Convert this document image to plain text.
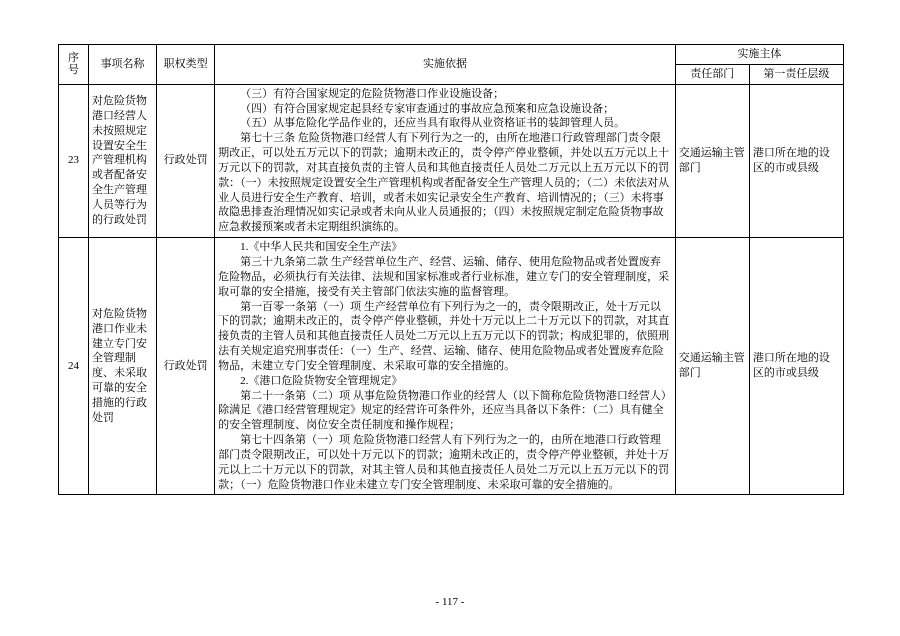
序
号	事项名称	职权类型	实施依据	实施主体	
				责任部门	第一责任层级
23	对危险货物港口经营人未按照规定设置安全生产管理机构或者配备安全生产管理人员等行为的行政处罚	行政处罚	（三）有符合国家规定的危险货物港口作业设施设备；

（四）有符合国家规定起县经专家审查通过的事故应急预案和应急设施设备；

（五）从事危险化学品作业的，还应当具有取得从业资格证书的装卸管理人员。

第七十三条 危险货物港口经营人有下列行为之一的，由所在地港口行政管理部门责令限期改正，可以处五万元以下的罚款；逾期未改正的，责令停产停业整顿，并处以五万元以上十万元以下的罚款，对其直接负责的主管人员和其他直接责任人员处二万元以上五万元以下的罚款：（一）未按照规定设置安全生产管理机构或者配备安全生产管理人员的；（二）未依法对从业人员进行安全生产教育、培训，或者未如实记录安全生产教育、培训情况的；（三）未将事故隐患排查治理情况如实记录或者未向从业人员通报的；（四）未按照规定制定危险货物事故应急救援预案或者未定期组织演练的。	交通运输主管部门	港口所在地的设区的市或县级
24	对危险货物港口作业未建立专门安全管理制度、未采取可靠的安全措施的行政处罚	行政处罚	

1.《中华人民共和国安全生产法》

第三十九条第二款 生产经营单位生产、经营、运输、储存、使用危险物品或者处置废弃危险物品，必须执行有关法律、法规和国家标准或者行业标准，建立专门的安全管理制度，采取可靠的安全措施，接受有关主管部门依法实施的监督管理。

第一百零一条第（一）项 生产经营单位有下列行为之一的，责令限期改正，处十万元以下的罚款；逾期未改正的，责令停产停业整顿，并处十万元以上二十万元以下的罚款，对其直接负责的主管人员和其他直接责任人员处二万元以上五万元以下的罚款；构成犯罪的，依照刑法有关规定追究刑事责任：（一）生产、经营、运输、储存、使用危险物品或者处置废弃危险物品，未建立专门安全管理制度、未采取可靠的安全措施的。

2.《港口危险货物安全管理规定》

第二十一条第（二）项 从事危险货物港口作业的经营人（以下简称危险货物港口经营人）除满足《港口经营管理规定》规定的经营许可条件外，还应当具备以下条件：（二）具有健全的安全管理制度、岗位安全责任制度和操作规程；

第七十四条第（一）项 危险货物港口经营人有下列行为之一的，由所在地港口行政管理部门责令限期改正，可以处十万元以下的罚款；逾期未改正的，责令停产停业整顿，并处十万元以上二十万元以下的罚款，对其主管人员和其他直接责任人员处二万元以上五万元以下的罚款；（一）危险货物港口作业未建立专门安全管理制度、未采取可靠的安全措施的。

	交通运输主管部门	港口所在地的设区的市或县级
- 117 -
